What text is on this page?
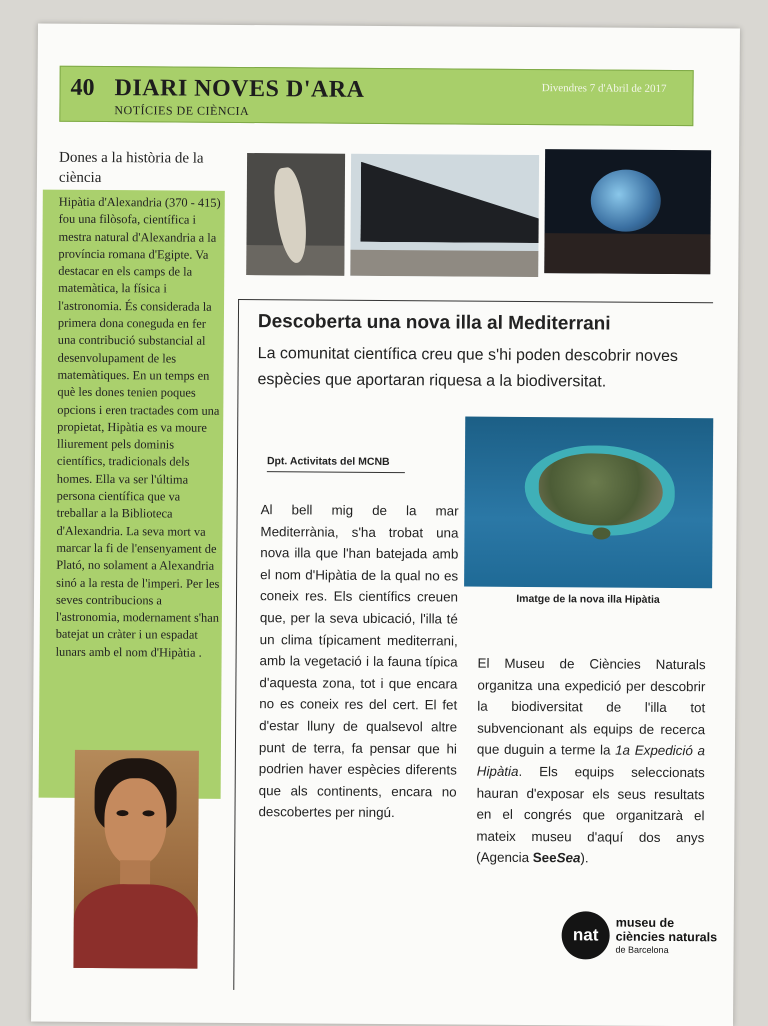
40 DIARI NOVES D'ARA
NOTÍCIES DE CIÈNCIA
Divendres 7 d'Abril de 2017
Dones a la història de la ciència

Hipàtia d'Alexandria (370 - 415) fou una filòsofa, científica i mestra natural d'Alexandria a la província romana d'Egipte. Va destacar en els camps de la matemàtica, la física i l'astronomia. És considerada la primera dona coneguda en fer una contribució substancial al desenvolupament de les matemàtiques. En un temps en què les dones tenien poques opcions i eren tractades com una propietat, Hipàtia es va moure lliurement pels dominis científics, tradicionals dels homes. Ella va ser l'última persona científica que va treballar a la Biblioteca d'Alexandria. La seva mort va marcar la fi de l'ensenyament de Plató, no solament a Alexandria sinó a la resta de l'imperi. Per les seves contribucions a l'astronomia, modernament s'han batejat un cràter i un espadat lunars amb el nom d'Hipàtia .

Descoberta una nova illa al Mediterrani

La comunitat científica creu que s'hi poden descobrir noves espècies que aportaran riquesa a la biodiversitat.

Dpt. Activitats del MCNB

Al bell mig de la mar Mediterrània, s'ha trobat una nova illa que l'han batejada amb el nom d'Hipàtia de la qual no es coneix res. Els científics creuen que, per la seva ubicació, l'illa té un clima típicament mediterrani, amb la vegetació i la fauna típica d'aquesta zona, tot i que encara no es coneix res del cert. El fet d'estar lluny de qualsevol altre punt de terra, fa pensar que hi podrien haver espècies diferents que als continents, encara no descobertes per ningú.

Imatge de la nova illa Hipàtia

El Museu de Ciències Naturals organitza una expedició per descobrir la biodiversitat de l'illa tot subvencionant als equips de recerca que duguin a terme la 1a Expedició a Hipàtia. Els equips seleccionats hauran d'exposar els seus resultats en el congrés que organitzarà el mateix museu d'aquí dos anys (Agencia SeeSea).

nat
museu de
ciències naturals
de Barcelona
